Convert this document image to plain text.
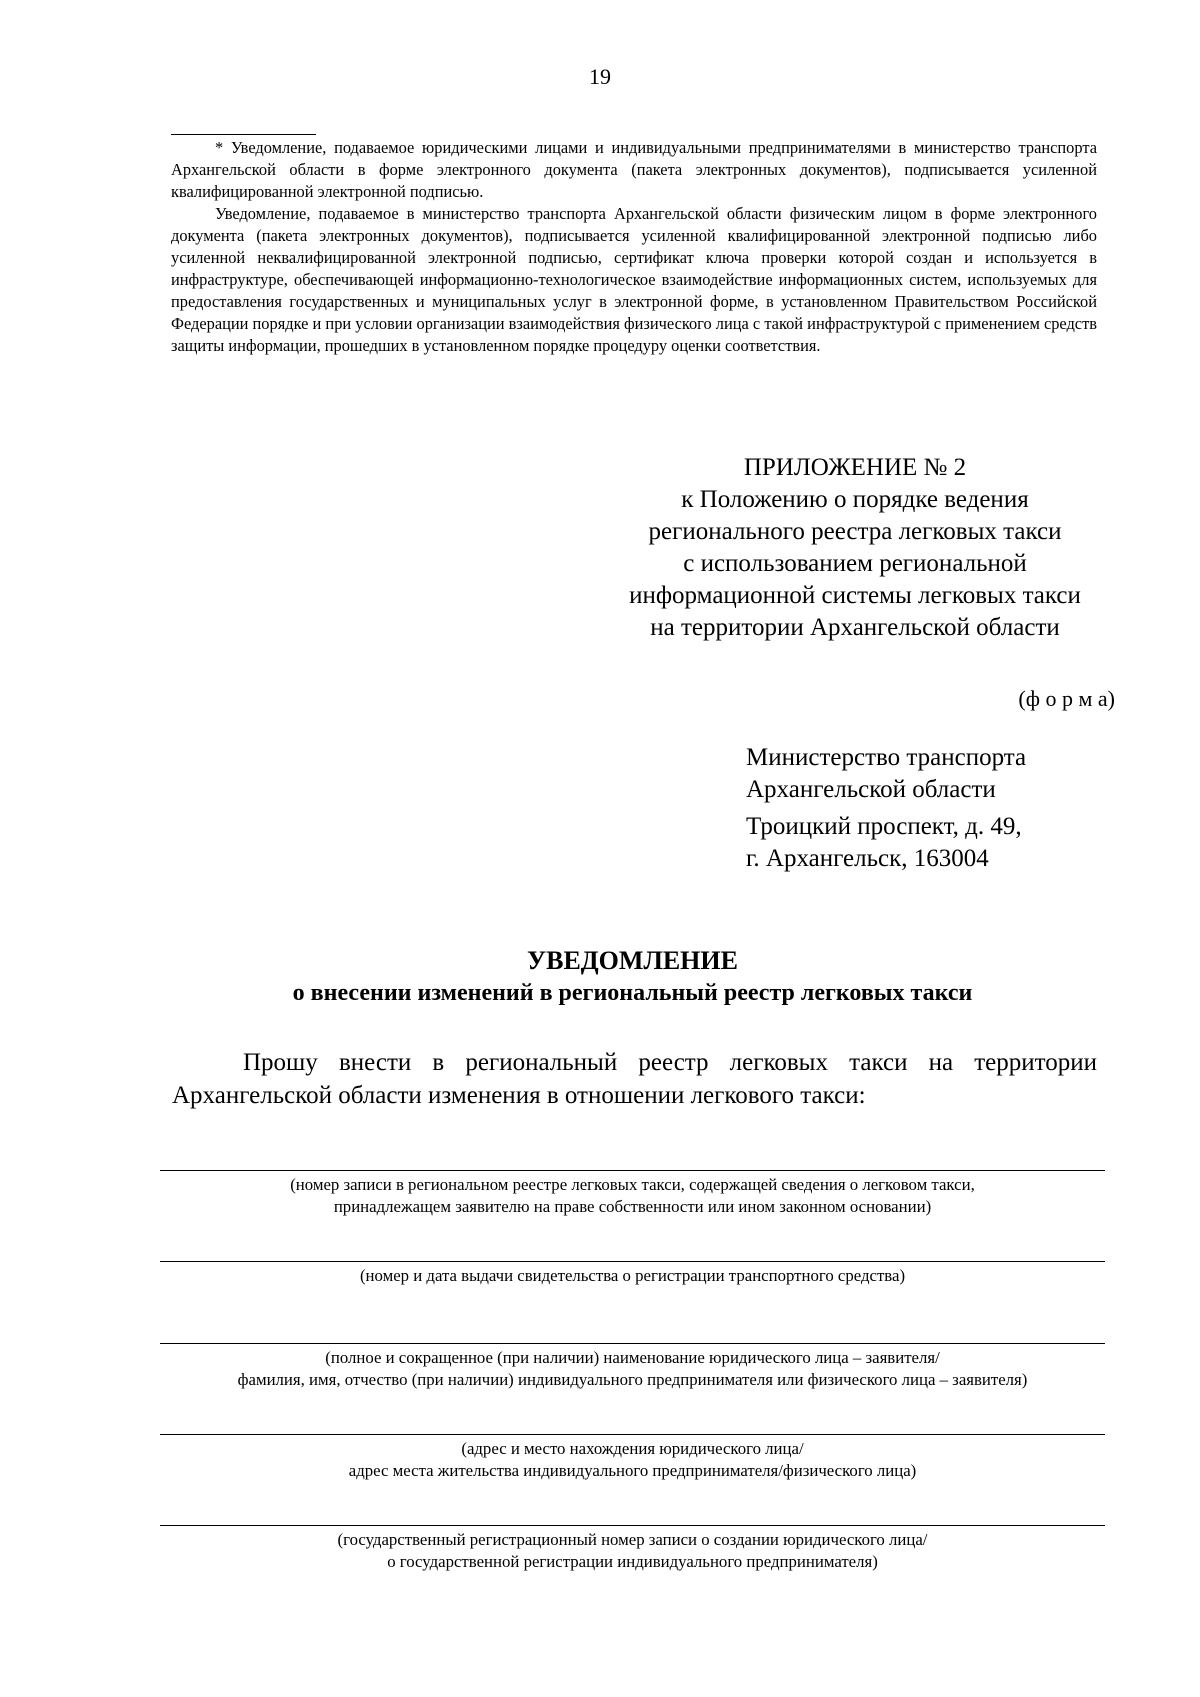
19
* Уведомление, подаваемое юридическими лицами и индивидуальными предпринимателями в министерство транспорта Архангельской области в форме электронного документа (пакета электронных документов), подписывается усиленной квалифицированной электронной подписью.
Уведомление, подаваемое в министерство транспорта Архангельской области физическим лицом в форме электронного документа (пакета электронных документов), подписывается усиленной квалифицированной электронной подписью либо усиленной неквалифицированной электронной подписью, сертификат ключа проверки которой создан и используется в инфраструктуре, обеспечивающей информационно-технологическое взаимодействие информационных систем, используемых для предоставления государственных и муниципальных услуг в электронной форме, в установленном Правительством Российской Федерации порядке и при условии организации взаимодействия физического лица с такой инфраструктурой с применением средств защиты информации, прошедших в установленном порядке процедуру оценки соответствия.
ПРИЛОЖЕНИЕ № 2
к Положению о порядке ведения
регионального реестра легковых такси
с использованием региональной
информационной системы легковых такси
на территории Архангельской области
(ф о р м а)
Министерство транспорта
Архангельской области
Троицкий проспект, д. 49,
г. Архангельск, 163004
УВЕДОМЛЕНИЕ
о внесении изменений в региональный реестр легковых такси
Прошу внести в региональный реестр легковых такси на территории Архангельской области изменения в отношении легкового такси:
(номер записи в региональном реестре легковых такси, содержащей сведения о легковом такси,
принадлежащем заявителю на праве собственности или ином законном основании)
(номер и дата выдачи свидетельства о регистрации транспортного средства)
(полное и сокращенное (при наличии) наименование юридического лица – заявителя/
фамилия, имя, отчество (при наличии) индивидуального предпринимателя или физического лица – заявителя)
(адрес и место нахождения юридического лица/
адрес места жительства индивидуального предпринимателя/физического лица)
(государственный регистрационный номер записи о создании юридического лица/
о государственной регистрации индивидуального предпринимателя)
